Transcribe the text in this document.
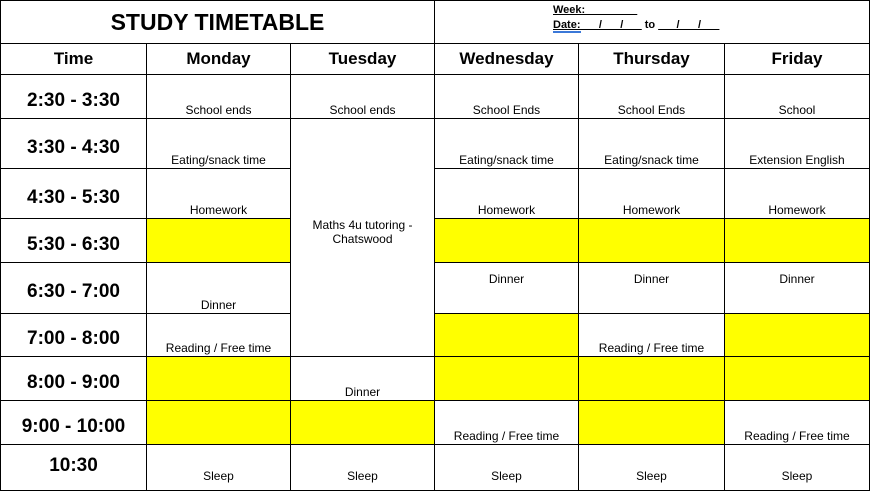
STUDY TIMETABLE			Week: ________
Date:___/___/___ to ___/___/___		

Time	Monday	Tuesday	Wednesday	Thursday	Friday
2:30 - 3:30	School ends	School ends	School Ends	School Ends	School
3:30 - 4:30	Eating/snack time	Maths 4u tutoring - Chatswood	Eating/snack time	Eating/snack time	Extension English
4:30 - 5:30	Homework		Homework	Homework	Homework
5:30 - 6:30					
6:30 - 7:00	Dinner		Dinner	Dinner	Dinner
7:00 - 8:00	Reading / Free time			Reading / Free time	
8:00 - 9:00		Dinner			
9:00 - 10:00			Reading / Free time		Reading / Free time
10:30	Sleep	Sleep	Sleep	Sleep	Sleep
